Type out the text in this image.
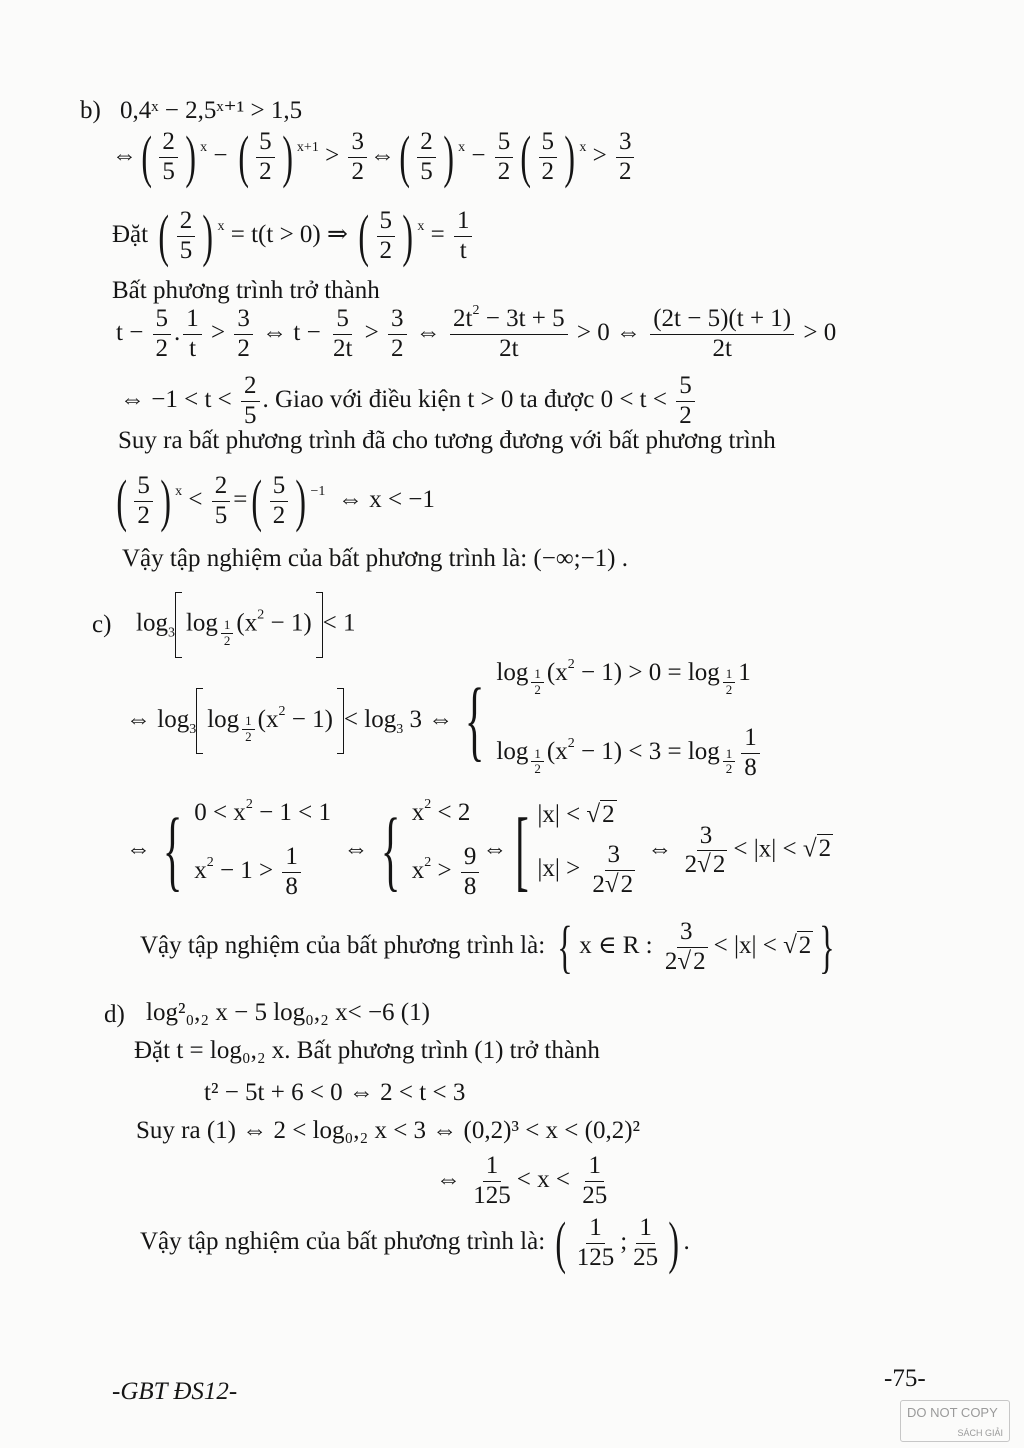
b) 0,4ˣ − 2,5ˣ⁺¹ > 1,5
⇔( $\frac{2}{5}$ ) $^x$ − ( $\frac{5}{2}$ ) $^{x+1} > \frac{3}{2}$ ⇔( $\frac{2}{5}$ ) $^x - \frac{5}{2}$ ( $\frac{5}{2}$ ) $^x > \frac{3}{2}$
Đặt ( $\frac{2}{5}$ ) $^x$ = t(t > 0) ⇒ ( $\frac{5}{2}$ ) $^x = \frac{1}{t}$
Bất phương trình trở thành
$t - \frac{5}{2}$ . $\frac{1}{t} > \frac{3}{2}$ ⇔ $t - \frac{5}{2t} > \frac{3}{2}$ ⇔ $\frac{2t^2 - 3t + 5}{2t} > 0$ ⇔ $\frac{(2t - 5)(t + 1)}{2t} > 0$
⇔ $-1 < t < \frac{2}{5}$ . Giao với điều kiện t > 0 ta được $0 < t < \frac{5}{2}$
Suy ra bất phương trình đã cho tương đương với bất phương trình
( $\frac{5}{2}$ ) $^x < \frac{2}{5}$ =( $\frac{5}{2}$ ) $^{-1}$  ⇔ x < −1
Vậy tập nghiệm của bất phương trình là: (−∞;−1) .
c) $\log_3 \log _{\frac{1}{2}}$ $(x^2 - 1) < 1$
⇔ $\log_3 \log _{\frac{1}{2}}$ $(x^2 - 1) < \log_3 3$ ⇔ { log $_{\frac{1}{2}}$ $(x^2 - 1) > 0 = \log _{\frac{1}{2}}$ 1
log $_{\frac{1}{2}}$ $(x^2 - 1) < 3 = \log _{\frac{1}{2}} \frac{1}{8}$
⇔ { $0 < x^2 - 1 < 1$
$x^2 - 1 > \frac{1}{8}$ ⇔ { $x^2 < 2$
$x^2 > \frac{9}{8}$ ⇔[ |x| < √2
$|x| > \frac{3}{2√2}$ ⇔ $\frac{3}{2√2} < |x| < √2$
Vậy tập nghiệm của bất phương trình là: { x ∈ R : $\frac{3}{2√2} < |x| < √2$ }
d) log²₀,₂ x − 5 log₀,₂ x< −6 (1)
Đặt t = log₀,₂ x. Bất phương trình (1) trở thành
t² − 5t + 6 < 0 ⇔ 2 < t < 3
Suy ra (1) ⇔ 2 < log₀,₂ x < 3 ⇔ (0,2)³ < x < (0,2)²
⇔ $\frac{1}{125} < x < \frac{1}{25}$
Vậy tập nghiệm của bất phương trình là: ( $\frac{1}{125}$ ; $\frac{1}{25}$ ) .
-GBT ĐS12-	-75-
DO NOT COPY
SÁCH GIẢI
